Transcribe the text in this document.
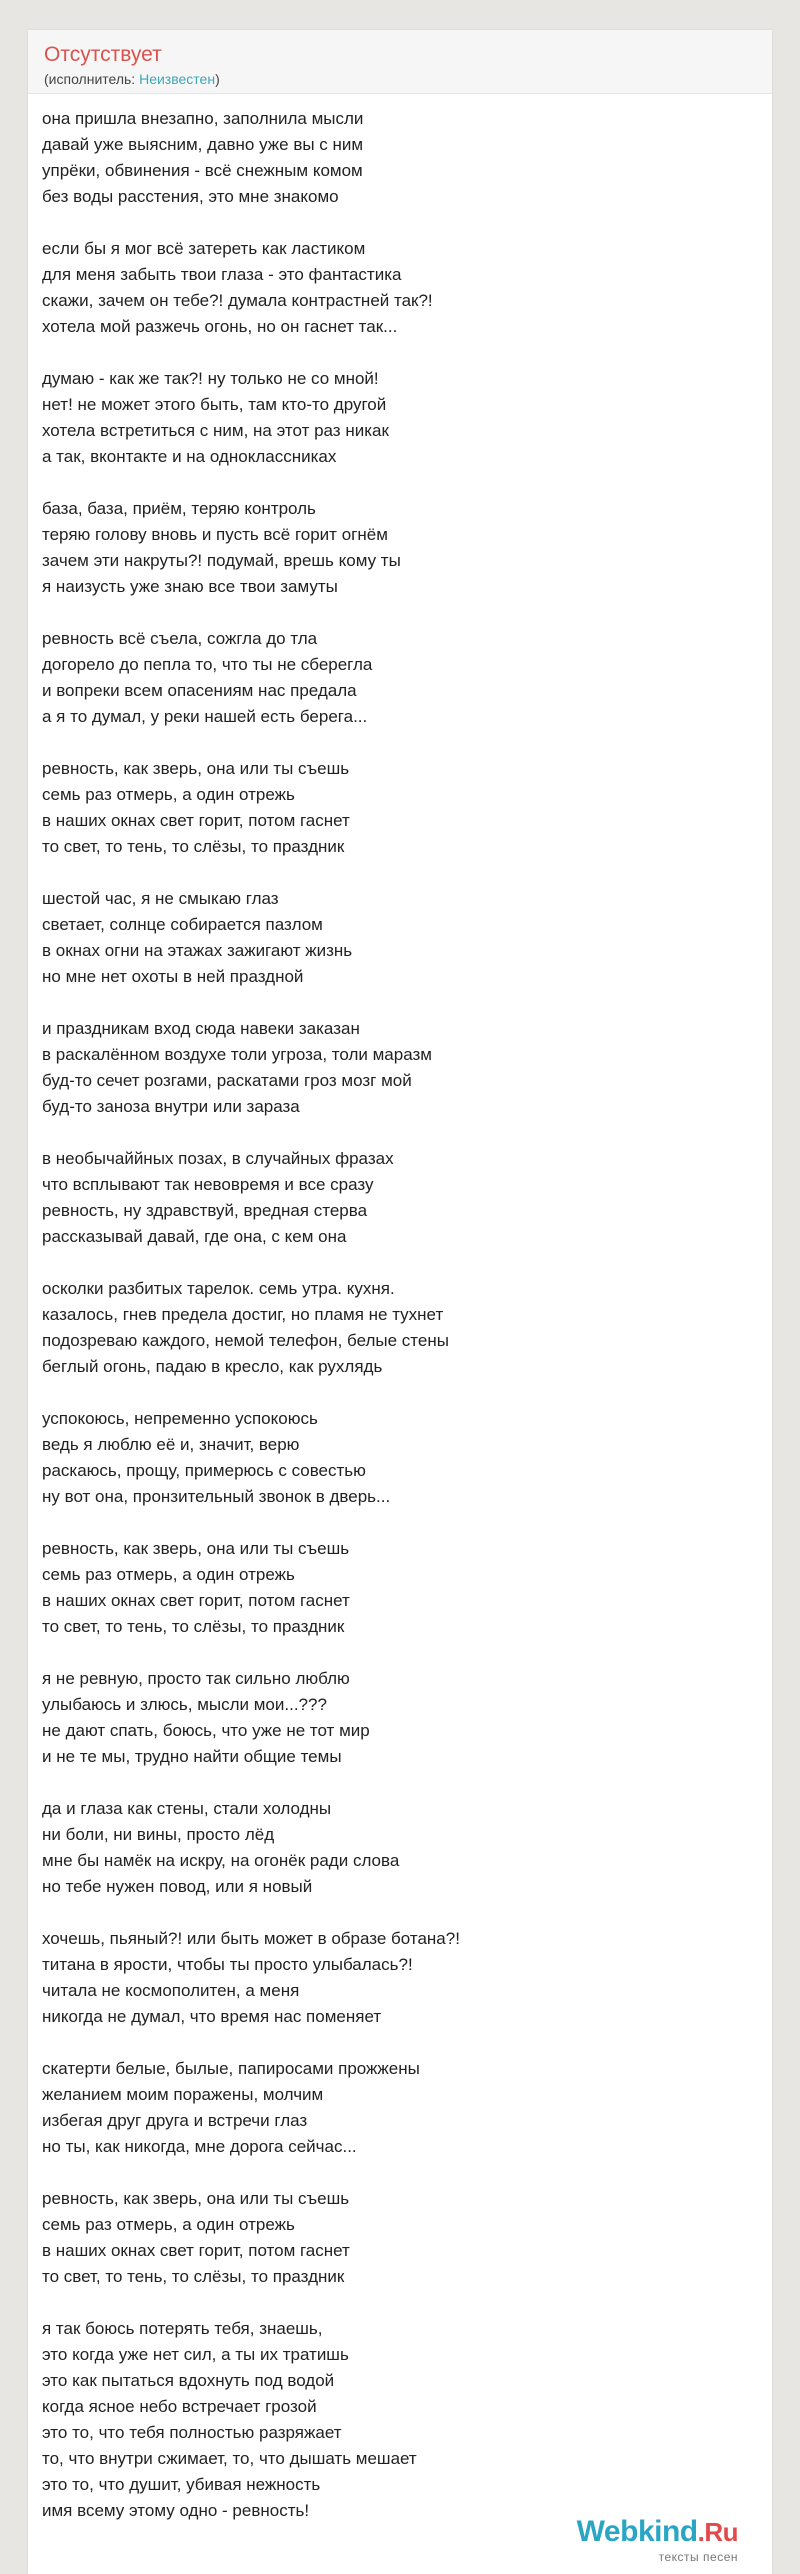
Отсутствует
(исполнитель: Неизвестен)
она пришла внезапно, заполнила мысли
давай уже выясним, давно уже вы с ним
упрёки, обвинения - всё снежным комом
без воды расстения, это мне знакомо
если бы я мог всё затереть как ластиком
для меня забыть твои глаза - это фантастика
скажи, зачем он тебе?! думала контрастней так?!
хотела мой разжечь огонь, но он гаснет так...
думаю - как же так?! ну только не со мной!
нет! не может этого быть, там кто-то другой
хотела встретиться с ним, на этот раз никак
а так, вконтакте и на одноклассниках
база, база, приём, теряю контроль
теряю голову вновь и пусть всё горит огнём
зачем эти накруты?! подумай, врешь кому ты
я наизусть уже знаю все твои замуты
ревность всё съела, сожгла до тла
догорело до пепла то, что ты не сберегла
и вопреки всем опасениям нас предала
а я то думал, у реки нашей есть берега...
ревность, как зверь, она или ты съешь
семь раз отмерь, а один отрежь
в наших окнах свет горит, потом гаснет
то свет, то тень, то слёзы, то праздник
шестой час, я не смыкаю глаз
светает, солнце собирается пазлом
в окнах огни на этажах зажигают жизнь
но мне нет охоты в ней праздной
и праздникам вход сюда навеки заказан
в раскалённом воздухе толи угроза, толи маразм
буд-то сечет розгами, раскатами гроз мозг мой
буд-то заноза внутри или зараза
в необычаййных позах, в случайных фразах
что всплывают так невовремя и все сразу
ревность, ну здравствуй, вредная стерва
рассказывай давай, где она, с кем она
осколки разбитых тарелок. семь утра. кухня.
казалось, гнев предела достиг, но пламя не тухнет
подозреваю каждого, немой телефон, белые стены
беглый огонь, падаю в кресло, как рухлядь
успокоюсь, непременно успокоюсь
ведь я люблю её и, значит, верю
раскаюсь, прощу, примерюсь с совестью
ну вот она, пронзительный звонок в дверь...
ревность, как зверь, она или ты съешь
семь раз отмерь, а один отрежь
в наших окнах свет горит, потом гаснет
то свет, то тень, то слёзы, то праздник
я не ревную, просто так сильно люблю
улыбаюсь и злюсь, мысли мои...???
не дают спать, боюсь, что уже не тот мир
и не те мы, трудно найти общие темы
да и глаза как стены, стали холодны
ни боли, ни вины, просто лёд
мне бы намёк на искру, на огонёк ради слова
но тебе нужен повод, или я новый
хочешь, пьяный?! или быть может в образе ботана?!
титана в ярости, чтобы ты просто улыбалась?!
читала не космополитен, а меня
никогда не думал, что время нас поменяет
скатерти белые, былые, папиросами прожжены
желанием моим поражены, молчим
избегая друг друга и встречи глаз
но ты, как никогда, мне дорога сейчас...
ревность, как зверь, она или ты съешь
семь раз отмерь, а один отрежь
в наших окнах свет горит, потом гаснет
то свет, то тень, то слёзы, то праздник
я так боюсь потерять тебя, знаешь,
это когда уже нет сил, а ты их тратишь
это как пытаться вдохнуть под водой
когда ясное небо встречает грозой
это то, что тебя полностью разряжает
то, что внутри сжимает, то, что дышать мешает
это то, что душит, убивая нежность
имя всему этому одно - ревность!
Webkind.Ru
тексты песен
